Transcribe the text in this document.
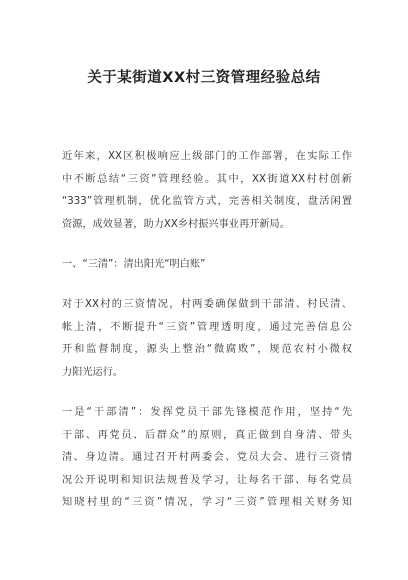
关于某街道XX村三资管理经验总结
近年来，XX区积极响应上级部门的工作部署，在实际工作
中不断总结“三资”管理经验。其中，XX街道XX村村创新
“333”管理机制，优化监管方式，完善相关制度，盘活闲置
资源，成效显著，助力XX乡村振兴事业再开新局。
一、“三清”：清出阳光“明白账”
对于XX村的三资情况，村两委确保做到干部清、村民清、
帐上清，不断提升“三资”管理透明度，通过完善信息公
开和监督制度，源头上整治“微腐败”，规范农村小微权
力阳光运行。
一是“干部清”：发挥党员干部先锋模范作用，坚持“先
干部、再党员、后群众”的原则，真正做到自身清、带头
清、身边清。通过召开村两委会、党员大会、进行三资情
况公开说明和知识法规普及学习，让每名干部、每名党员
知晓村里的“三资”情况，学习“三资”管理相关财务知
